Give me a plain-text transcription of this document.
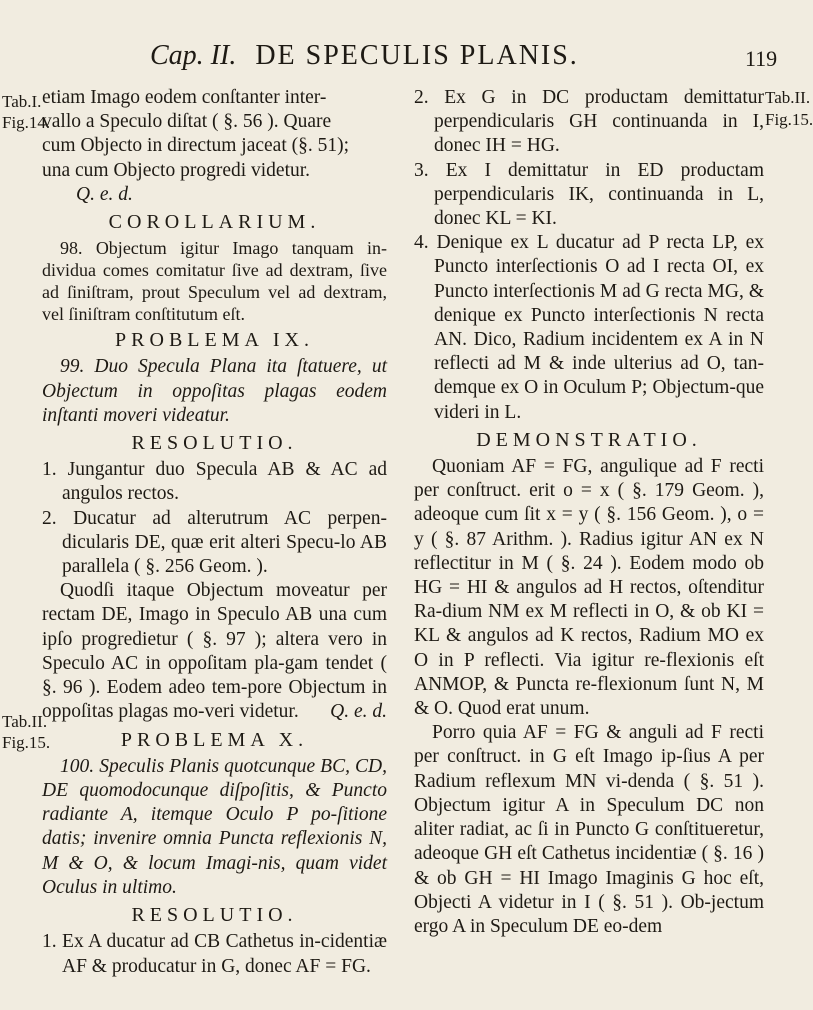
Cap. II. DE SPECULIS PLANIS.	119
Tab.I.
Fig.14.
Tab.II.
Fig.15.
Tab.II.
Fig.15.

etiam Imago eodem conſtanter inter-

vallo a Speculo diſtat ( §. 56 ). Quare

cum Objecto in directum jaceat (§. 51);

una cum Objecto progredi videtur.

Q. e. d.

COROLLARIUM.

98. Objectum igitur Imago tanquam in-dividua comes comitatur ſive ad dextram, ſive ad ſiniſtram, prout Speculum vel ad dextram, vel ſiniſtram conſtitutum eſt.

PROBLEMA IX.

99. Duo Specula Plana ita ſtatuere, ut Objectum in oppoſitas plagas eodem inſtanti moveri videatur.

RESOLUTIO.

1. Jungantur duo Specula AB & AC ad angulos rectos.

2. Ducatur ad alterutrum AC perpen-dicularis DE, quæ erit alteri Specu-lo AB parallela ( §. 256 Geom. ).

Quodſi itaque Objectum moveatur per rectam DE, Imago in Speculo AB una cum ipſo progredietur ( §. 97 ); altera vero in Speculo AC in oppoſitam pla-gam tendet ( §. 96 ). Eodem adeo tem-pore Objectum in oppoſitas plagas mo-veri videtur.	Q. e. d.

PROBLEMA X.

100. Speculis Planis quotcunque BC, CD, DE quomodocunque diſpoſitis, & Puncto radiante A, itemque Oculo P po-ſitione datis; invenire omnia Puncta reflexionis N, M & O, & locum Imagi-nis, quam videt Oculus in ultimo.

RESOLUTIO.

1. Ex A ducatur ad CB Cathetus in-cidentiæ AF & producatur in G, donec AF = FG.

2. Ex G in DC productam demittatur perpendicularis GH continuanda in I, donec IH = HG.

3. Ex I demittatur in ED productam perpendicularis IK, continuanda in L, donec KL = KI.

4. Denique ex L ducatur ad P recta LP, ex Puncto interſectionis O ad I recta OI, ex Puncto interſectionis M ad G recta MG, & denique ex Puncto interſectionis N recta AN. Dico, Radium incidentem ex A in N reflecti ad M & inde ulterius ad O, tan-demque ex O in Oculum P; Objectum-que videri in L.

DEMONSTRATIO.

Quoniam AF = FG, angulique ad F recti per conſtruct. erit o = x ( §. 179 Geom. ), adeoque cum ſit x = y ( §. 156 Geom. ), o = y ( §. 87 Arithm. ). Radius igitur AN ex N reflectitur in M ( §. 24 ). Eodem modo ob HG = HI & angulos ad H rectos, oſtenditur Ra-dium NM ex M reflecti in O, & ob KI = KL & angulos ad K rectos, Radium MO ex O in P reflecti. Via igitur re-flexionis eſt ANMOP, & Puncta re-flexionum ſunt N, M & O. Quod erat unum.

Porro quia AF = FG & anguli ad F recti per conſtruct. in G eſt Imago ip-ſius A per Radium reflexum MN vi-denda ( §. 51 ). Objectum igitur A in Speculum DC non aliter radiat, ac ſi in Puncto G conſtitueretur, adeoque GH eſt Cathetus incidentiæ ( §. 16 ) & ob GH = HI Imago Imaginis G hoc eſt, Objecti A videtur in I ( §. 51 ). Ob-jectum ergo A in Speculum DE eo-dem
